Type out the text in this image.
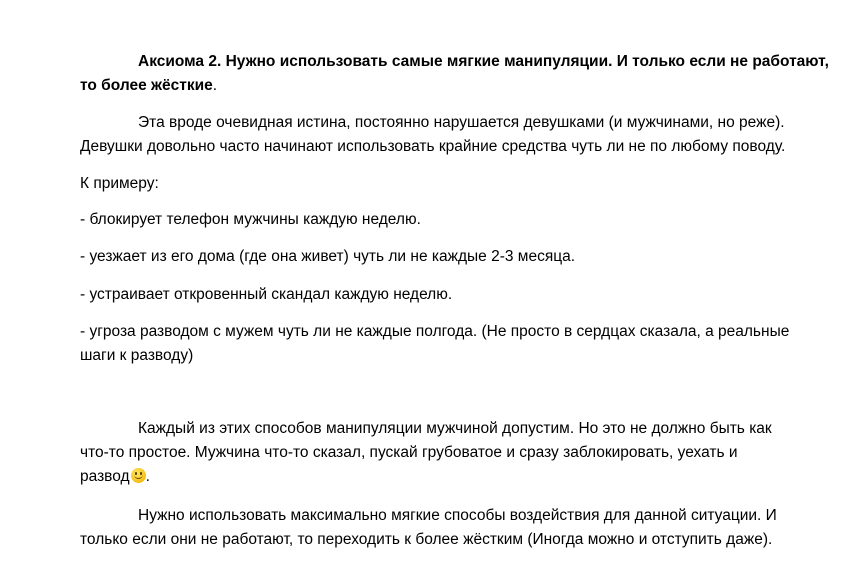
Аксиома 2. Нужно использовать самые мягкие манипуляции. И только если не работают,
то более жёсткие.

Эта вроде очевидная истина, постоянно нарушается девушками (и мужчинами, но реже).
Девушки довольно часто начинают использовать крайние средства чуть ли не по любому поводу.

К примеру:

- блокирует телефон мужчины каждую неделю.

- уезжает из его дома (где она живет) чуть ли не каждые 2-3 месяца.

- устраивает откровенный скандал каждую неделю.

- угроза разводом с мужем чуть ли не каждые полгода. (Не просто в сердцах сказала, а реальные
шаги к разводу)

Каждый из этих способов манипуляции мужчиной допустим. Но это не должно быть как
что-то простое. Мужчина что-то сказал, пускай грубоватое и сразу заблокировать, уехать и
развод .

Нужно использовать максимально мягкие способы воздействия для данной ситуации. И
только если они не работают, то переходить к более жёстким (Иногда можно и отступить даже).
